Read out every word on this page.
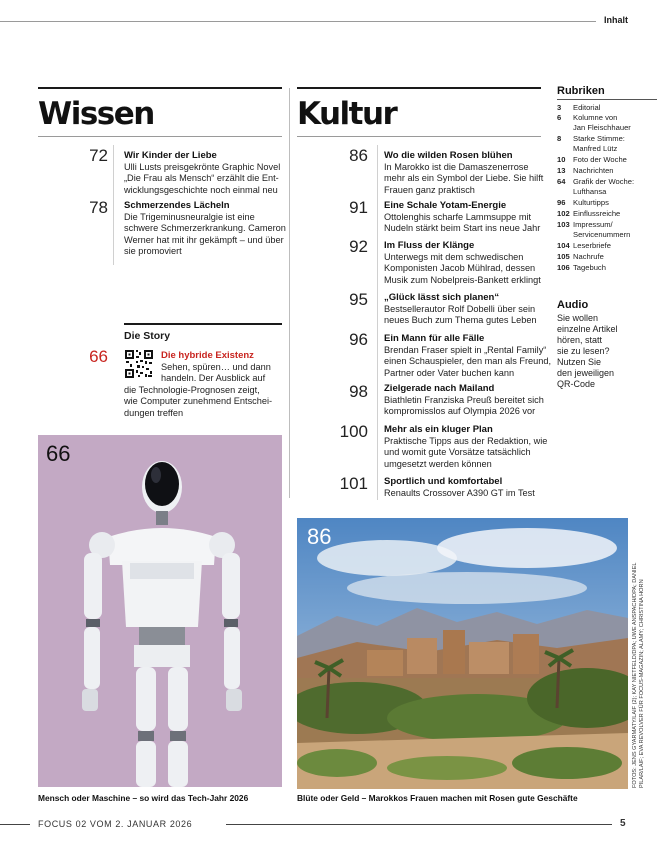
Inhalt
Wissen
72 Wir Kinder der Liebe
Ulli Lusts preisgekrönte Graphic Novel
„Die Frau als Mensch“ erzählt die Ent-
wicklungsgeschichte noch einmal neu
78 Schmerzendes Lächeln
Die Trigeminusneuralgie ist eine
schwere Schmerzerkrankung. Cameron
Werner hat mit ihr gekämpft – und über
sie promoviert
Die Story
66	Die hybride Existenz
Sehen, spüren… und dann
handeln. Der Ausblick auf
die Technologie-Prognosen zeigt,
wie Computer zunehmend Entschei-
dungen treffen
Kultur
86 Wo die wilden Rosen blühen
In Marokko ist die Damaszenerrose
mehr als ein Symbol der Liebe. Sie hilft
Frauen ganz praktisch
91 Eine Schale Yotam-Energie
Ottolenghis scharfe Lammsuppe mit
Nudeln stärkt beim Start ins neue Jahr
92 Im Fluss der Klänge
Unterwegs mit dem schwedischen
Komponisten Jacob Mühlrad, dessen
Musik zum Nobelpreis-Bankett erklingt
95 „Glück lässt sich planen“
Bestsellerautor Rolf Dobelli über sein
neues Buch zum Thema gutes Leben
96 Ein Mann für alle Fälle
Brendan Fraser spielt in „Rental Family“
einen Schauspieler, den man als Freund,
Partner oder Vater buchen kann
98 Zielgerade nach Mailand
Biathletin Franziska Preuß bereitet sich
kompromisslos auf Olympia 2026 vor
100 Mehr als ein kluger Plan
Praktische Tipps aus der Redaktion, wie
und womit gute Vorsätze tatsächlich
umgesetzt werden können
101 Sportlich und komfortabel
Renaults Crossover A390 GT im Test
Rubriken
3 Editorial
6 Kolumne von
Jan Fleischhauer
8 Starke Stimme:
Manfred Lütz
10 Foto der Woche
13 Nachrichten
64 Grafik der Woche:
Lufthansa
96 Kulturtipps
102 Einflussreiche
103 Impressum/
Servicenummern
104 Leserbriefe
105 Nachrufe
106 Tagebuch
Audio
Sie wollen
einzelne Artikel
hören, statt
sie zu lesen?
Nutzen Sie
den jeweiligen
QR-Code
66
Mensch oder Maschine – so wird das Tech-Jahr 2026
86
Blüte oder Geld – Marokkos Frauen machen mit Rosen gute Geschäfte
FOTOS: JENS GYARMATY/LAIF (2); KAY NIETFELD/DPA; UWE ANSPACH/DPA; DANIEL PILAR/LAIF; EVA REVOLVER FÜR FOCUS-MAGAZIN; ALAMY; CHRISTINA HORN
FOCUS 02 VOM 2. JANUAR 2026	5
